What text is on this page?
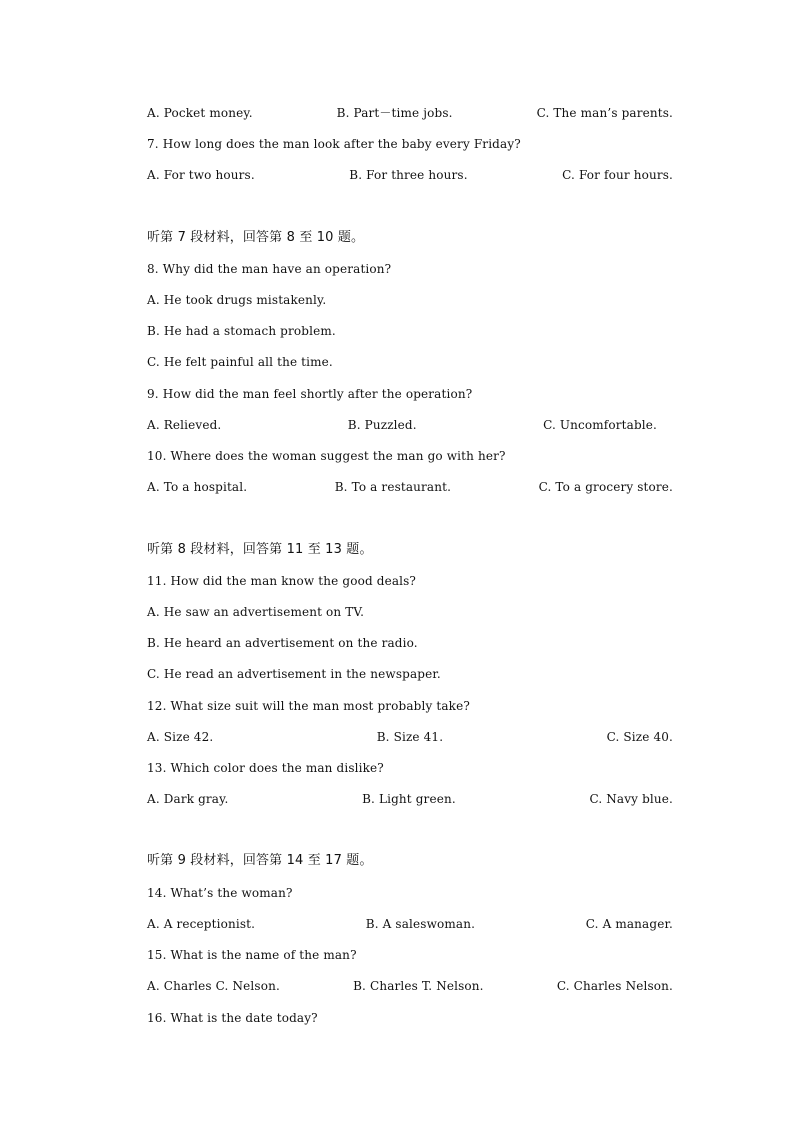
A. Pocket money.	B. Part－time jobs.	C. The man’s parents.
7. How long does the man look after the baby every Friday?
A. For two hours.	B. For three hours.	C. For four hours.
听第 7 段材料，回答第 8 至 10 题。
8. Why did the man have an operation?
A. He took drugs mistakenly.
B. He had a stomach problem.
C. He felt painful all the time.
9. How did the man feel shortly after the operation?
A. Relieved.	B. Puzzled.	C. Uncomfortable.
10. Where does the woman suggest the man go with her?
A. To a hospital.	B. To a restaurant.	C. To a grocery store.
听第 8 段材料，回答第 11 至 13 题。
11. How did the man know the good deals?
A. He saw an advertisement on TV.
B. He heard an advertisement on the radio.
C. He read an advertisement in the newspaper.
12. What size suit will the man most probably take?
A. Size 42.	B. Size 41.	C. Size 40.
13. Which color does the man dislike?
A. Dark gray.	B. Light green.	C. Navy blue.
听第 9 段材料，回答第 14 至 17 题。
14. What’s the woman?
A. A receptionist.	B. A saleswoman.	C. A manager.
15. What is the name of the man?
A. Charles C. Nelson.	B. Charles T. Nelson.	C. Charles Nelson.
16. What is the date today?
